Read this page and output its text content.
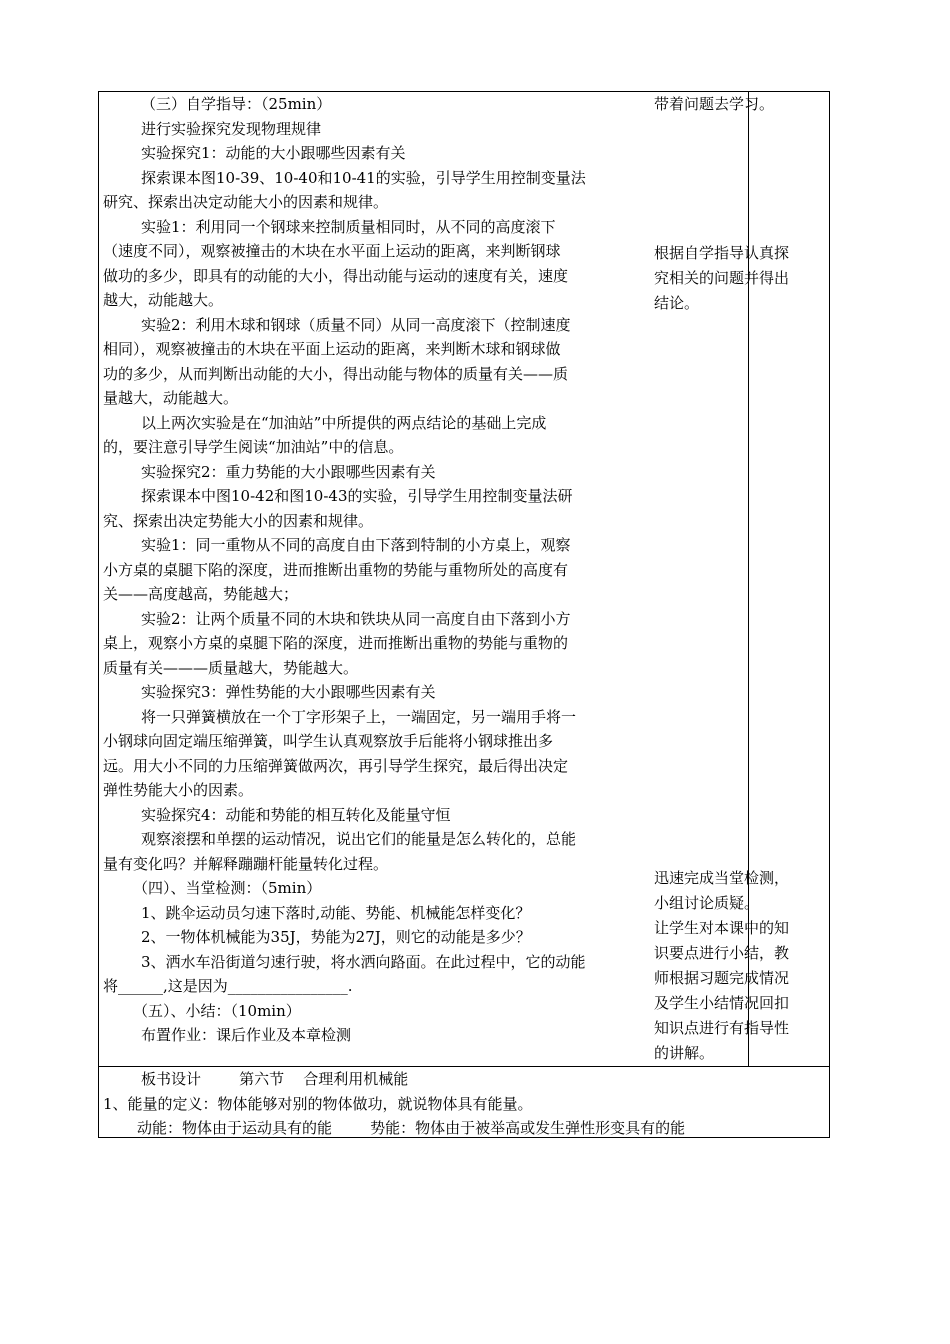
（三）自学指导：（25min）

进行实验探究发现物理规律

实验探究1：动能的大小跟哪些因素有关

探索课本图10-39、10-40和10-41的实验，引导学生用控制变量法

研究、探索出决定动能大小的因素和规律。

实验1：利用同一个钢球来控制质量相同时，从不同的高度滚下

（速度不同），观察被撞击的木块在水平面上运动的距离，来判断钢球

做功的多少，即具有的动能的大小，得出动能与运动的速度有关，速度

越大，动能越大。

实验2：利用木球和钢球（质量不同）从同一高度滚下（控制速度

相同），观察被撞击的木块在平面上运动的距离，来判断木球和钢球做

功的多少，从而判断出动能的大小，得出动能与物体的质量有关——质

量越大，动能越大。

以上两次实验是在“加油站”中所提供的两点结论的基础上完成

的，要注意引导学生阅读“加油站”中的信息。

实验探究2：重力势能的大小跟哪些因素有关

探索课本中图10-42和图10-43的实验，引导学生用控制变量法研

究、探索出决定势能大小的因素和规律。

实验1：同一重物从不同的高度自由下落到特制的小方桌上，观察

小方桌的桌腿下陷的深度，进而推断出重物的势能与重物所处的高度有

关——高度越高，势能越大；

实验2：让两个质量不同的木块和铁块从同一高度自由下落到小方

桌上，观察小方桌的桌腿下陷的深度，进而推断出重物的势能与重物的

质量有关———质量越大，势能越大。

实验探究3：弹性势能的大小跟哪些因素有关

将一只弹簧横放在一个丁字形架子上，一端固定，另一端用手将一

小钢球向固定端压缩弹簧，叫学生认真观察放手后能将小钢球推出多

远。用大小不同的力压缩弹簧做两次，再引导学生探究，最后得出决定

弹性势能大小的因素。

实验探究4：动能和势能的相互转化及能量守恒

观察滚摆和单摆的运动情况，说出它们的能量是怎么转化的，总能

量有变化吗？并解释蹦蹦杆能量转化过程。

（四）、当堂检测：（5min）

1、跳伞运动员匀速下落时,动能、势能、机械能怎样变化？

2、一物体机械能为35J，势能为27J，则它的动能是多少？

3、洒水车沿街道匀速行驶，将水洒向路面。在此过程中，它的动能

将______,这是因为________________.

（五）、小结：（10min）

布置作业：课后作业及本章检测

带着问题去学习。

根据自学指导认真探

究相关的问题并得出

结论。

迅速完成当堂检测，

小组讨论质疑。

让学生对本课中的知

识要点进行小结，教

师根据习题完成情况

及学生小结情况回扣

知识点进行有指导性

的讲解。

板书设计        第六节    合理利用机械能

1、能量的定义：物体能够对别的物体做功，就说物体具有能量。

动能：物体由于运动具有的能        势能：物体由于被举高或发生弹性形变具有的能
